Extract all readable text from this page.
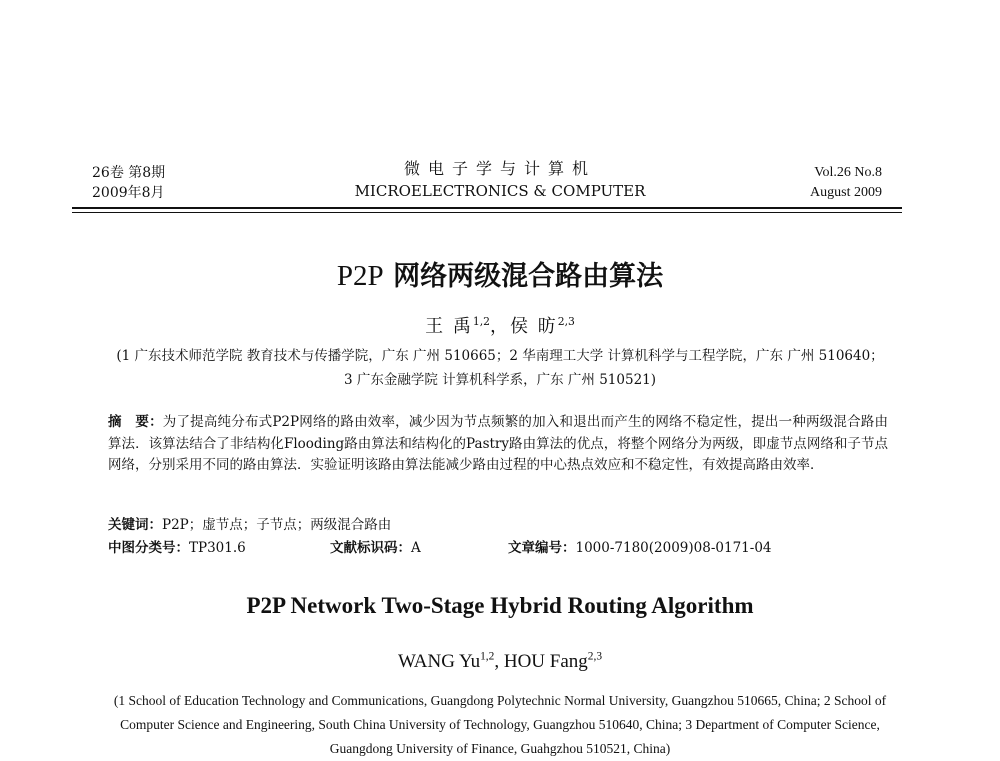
26卷 第8期
2009年8月
微电子学与计算机
MICROELECTRONICS & COMPUTER
Vol.26 No.8
August 2009
P2P 网络两级混合路由算法
王 禹$^{1,2}$，侯 昉$^{2,3}$
(1 广东技术师范学院 教育技术与传播学院，广东 广州 510665；2 华南理工大学 计算机科学与工程学院，广东 广州 510640；
3 广东金融学院 计算机科学系，广东 广州 510521)
摘　要：为了提高纯分布式P2P网络的路由效率，减少因为节点频繁的加入和退出而产生的网络不稳定性，提出一种两级混合路由算法．该算法结合了非结构化Flooding路由算法和结构化的Pastry路由算法的优点，将整个网络分为两级，即虚节点网络和子节点网络，分别采用不同的路由算法．实验证明该路由算法能减少路由过程的中心热点效应和不稳定性，有效提高路由效率．
关键词：P2P；虚节点；子节点；两级混合路由
中图分类号：TP301.6	文献标识码：A	文章编号：1000-7180(2009)08-0171-04
P2P Network Two-Stage Hybrid Routing Algorithm
WANG Yu$^{1,2}$, HOU Fang$^{2,3}$
(1 School of Education Technology and Communications, Guangdong Polytechnic Normal University, Guangzhou 510665, China; 2 School of Computer Science and Engineering, South China University of Technology, Guangzhou 510640, China; 3 Department of Computer Science, Guangdong University of Finance, Guahgzhou 510521, China)
